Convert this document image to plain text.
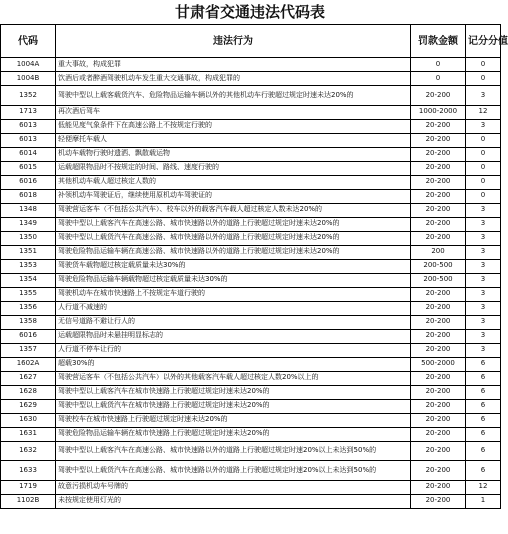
甘肃省交通违法代码表
代码	违法行为	罚款金额	记分分值
1004A	重大事故，构成犯罪	0	0
1004B	饮酒后或者醉酒驾驶机动车发生重大交通事故，构成犯罪的	0	0
1352	驾驶中型以上载客载货汽车、危险物品运输车辆以外的其他机动车行驶超过规定时速未达20%的	20-200	3
1713	再次酒后驾车	1000-2000	12
6013	低能见度气象条件下在高速公路上不按规定行驶的	20-200	3
6013	轻便摩托车载人	20-200	0
6014	机动车载物行驶时遗洒、飘散载运物	20-200	0
6015	运载超限物品时不按规定的时间、路线、速度行驶的	20-200	0
6016	其他机动车载人超过核定人数的	20-200	0
6018	补领机动车驾驶证后，继续使用原机动车驾驶证的	20-200	0
1348	驾驶营运客车（不包括公共汽车）、校车以外的载客汽车载人超过核定人数未达20%的	20-200	3
1349	驾驶中型以上载客汽车在高速公路、城市快速路以外的道路上行驶超过规定时速未达20%的	20-200	3
1350	驾驶中型以上载货汽车在高速公路、城市快速路以外的道路上行驶超过规定时速未达20%的	20-200	3
1351	驾驶危险物品运输车辆在高速公路、城市快速路以外的道路上行驶超过规定时速未达20%的	200	3
1353	驾驶货车载物超过核定载质量未达30%的	200-500	3
1354	驾驶危险物品运输车辆载物超过核定载质量未达30%的	200-500	3
1355	驾驶机动车在城市快速路上不按规定车道行驶的	20-200	3
1356	人行道不减速的	20-200	3
1358	无信号道路不避让行人的	20-200	3
6016	运载超限物品时未悬挂明显标志的	20-200	3
1357	人行道不停车让行的	20-200	3
1602A	超载30%的	500-2000	6
1627	驾驶营运客车（不包括公共汽车）以外的其他载客汽车载人超过核定人数20%以上的	20-200	6
1628	驾驶中型以上载客汽车在城市快速路上行驶超过规定时速未达20%的	20-200	6
1629	驾驶中型以上载货汽车在城市快速路上行驶超过规定时速未达20%的	20-200	6
1630	驾驶校车在城市快速路上行驶超过规定时速未达20%的	20-200	6
1631	驾驶危险物品运输车辆在城市快速路上行驶超过规定时速未达20%的	20-200	6
1632	驾驶中型以上载客汽车在高速公路、城市快速路以外的道路上行驶超过规定时速20%以上未达到50%的	20-200	6
1633	驾驶中型以上载货汽车在高速公路、城市快速路以外的道路上行驶超过规定时速20%以上未达到50%的	20-200	6
1719	故意污损机动车号牌的	20-200	12
1102B	未按规定使用灯光的	20-200	1
